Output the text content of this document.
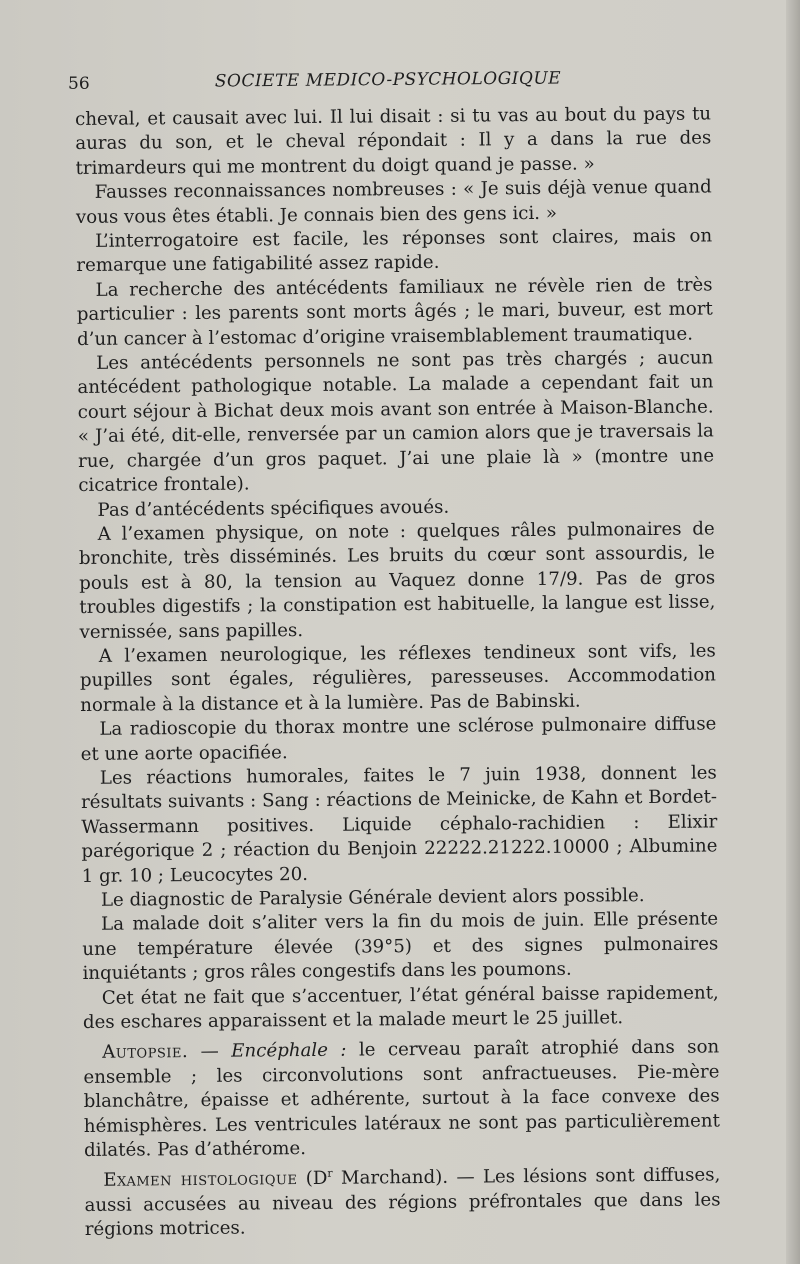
56	SOCIETE MEDICO-PSYCHOLOGIQUE

cheval, et causait avec lui. Il lui disait : si tu vas au bout du pays tu auras du son, et le cheval répondait : Il y a dans la rue des trimardeurs qui me montrent du doigt quand je passe. »

Fausses reconnaissances nombreuses : « Je suis déjà venue quand vous vous êtes établi. Je connais bien des gens ici. »

L’interrogatoire est facile, les réponses sont claires, mais on remarque une fatigabilité assez rapide.

La recherche des antécédents familiaux ne révèle rien de très particulier : les parents sont morts âgés ; le mari, buveur, est mort d’un cancer à l’estomac d’origine vraisemblablement traumatique.

Les antécédents personnels ne sont pas très chargés ; aucun antécédent pathologique notable. La malade a cependant fait un court séjour à Bichat deux mois avant son entrée à Maison-Blanche. « J’ai été, dit-elle, renversée par un camion alors que je traversais la rue, chargée d’un gros paquet. J’ai une plaie là » (montre une cicatrice frontale).

Pas d’antécédents spécifiques avoués.

A l’examen physique, on note : quelques râles pulmonaires de bronchite, très disséminés. Les bruits du cœur sont assourdis, le pouls est à 80, la tension au Vaquez donne 17/9. Pas de gros troubles digestifs ; la constipation est habituelle, la langue est lisse, vernissée, sans papilles.

A l’examen neurologique, les réflexes tendineux sont vifs, les pupilles sont égales, régulières, paresseuses. Accommodation normale à la distance et à la lumière. Pas de Babinski.

La radioscopie du thorax montre une sclérose pulmonaire diffuse et une aorte opacifiée.

Les réactions humorales, faites le 7 juin 1938, donnent les résultats suivants : Sang : réactions de Meinicke, de Kahn et Bordet-Wassermann positives. Liquide céphalo-rachidien : Elixir parégorique 2 ; réaction du Benjoin 22222.21222.10000 ; Albumine 1 gr. 10 ; Leucocytes 20.

Le diagnostic de Paralysie Générale devient alors possible.

La malade doit s’aliter vers la fin du mois de juin. Elle présente une température élevée (39°5) et des signes pulmonaires inquiétants ; gros râles congestifs dans les poumons.

Cet état ne fait que s’accentuer, l’état général baisse rapidement, des eschares apparaissent et la malade meurt le 25 juillet.

Autopsie. — Encéphale : le cerveau paraît atrophié dans son ensemble ; les circonvolutions sont anfractueuses. Pie-mère blanchâtre, épaisse et adhérente, surtout à la face convexe des hémisphères. Les ventricules latéraux ne sont pas particulièrement dilatés. Pas d’athérome.

Examen histologique ($D^r$ Marchand). — Les lésions sont diffuses, aussi accusées au niveau des régions préfrontales que dans les régions motrices.
